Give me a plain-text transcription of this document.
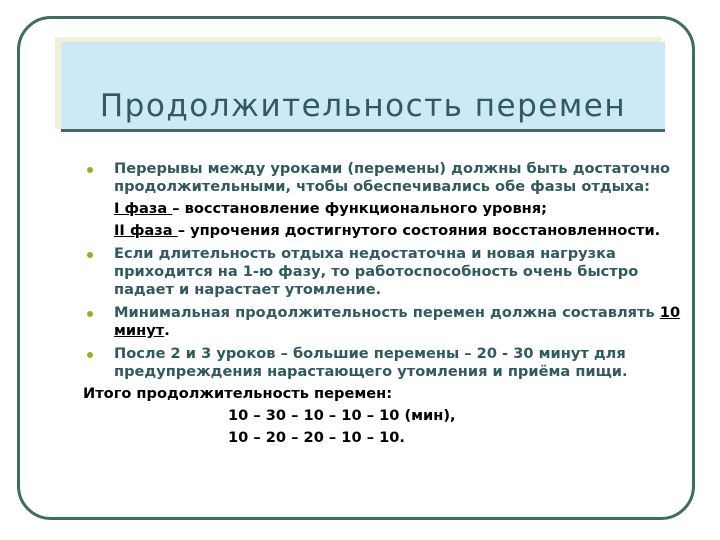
Продолжительность перемен
Перерывы между уроками (перемены) должны быть достаточно продолжительными, чтобы обеспечивались обе фазы отдыха:
I фаза – восстановление функционального уровня;
II фаза – упрочения достигнутого состояния восстановленности.
Если длительность отдыха недостаточна и новая нагрузка приходится на 1-ю фазу, то работоспособность очень быстро падает и нарастает утомление.
Минимальная продолжительность перемен должна составлять 10 минут.
После 2 и 3 уроков – большие перемены – 20 - 30 минут для предупреждения нарастающего утомления и приёма пищи.
Итого продолжительность перемен:
10 – 30 – 10 – 10 – 10 (мин),
10 – 20 – 20 – 10 – 10.
